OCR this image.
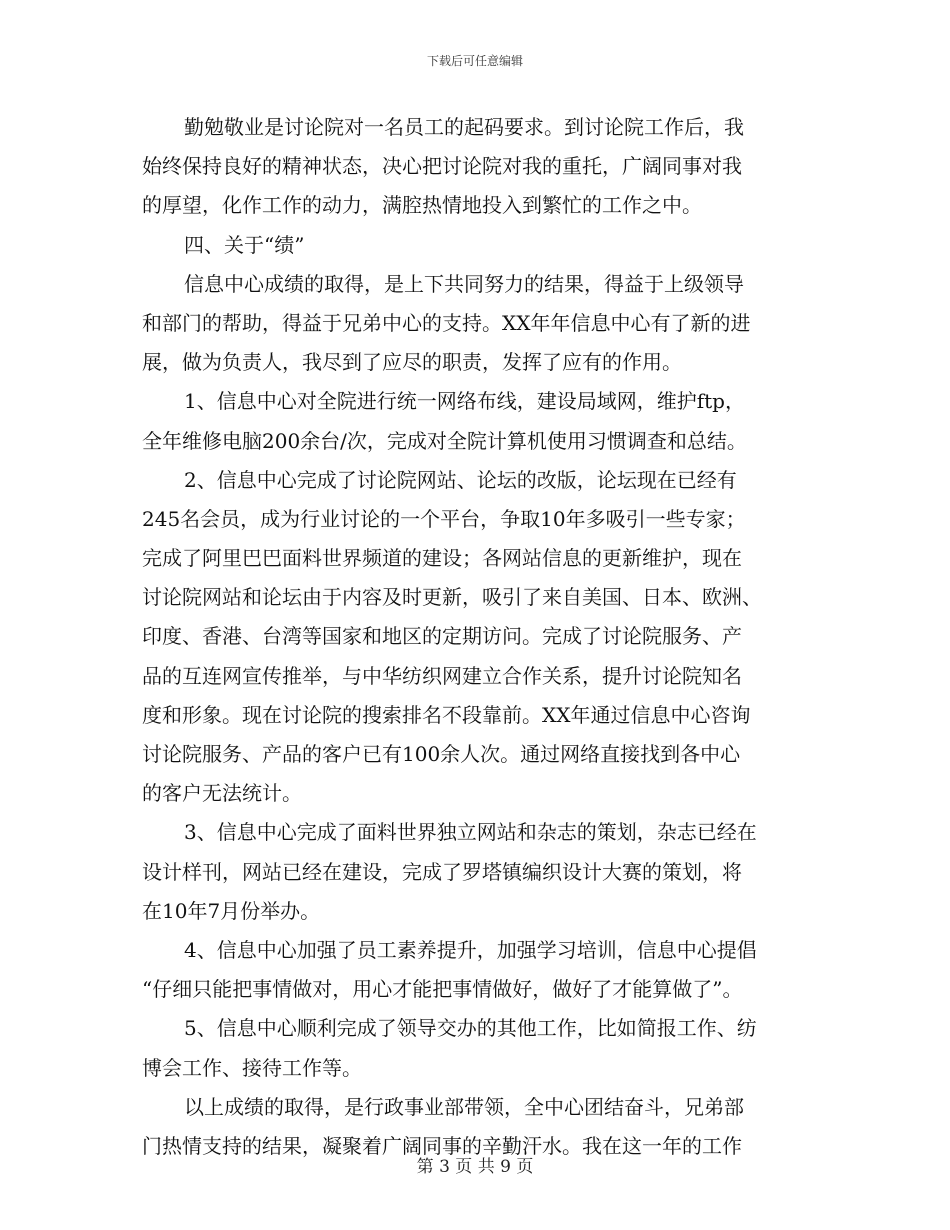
下载后可任意编辑
勤勉敬业是讨论院对一名员工的起码要求。到讨论院工作后，我
始终保持良好的精神状态，决心把讨论院对我的重托，广阔同事对我
的厚望，化作工作的动力，满腔热情地投入到繁忙的工作之中。
四、关于“绩”
信息中心成绩的取得，是上下共同努力的结果，得益于上级领导
和部门的帮助，得益于兄弟中心的支持。XX年年信息中心有了新的进
展，做为负责人，我尽到了应尽的职责，发挥了应有的作用。
1、信息中心对全院进行统一网络布线，建设局域网，维护ftp，
全年维修电脑200余台/次，完成对全院计算机使用习惯调查和总结。
2、信息中心完成了讨论院网站、论坛的改版，论坛现在已经有
245名会员，成为行业讨论的一个平台，争取10年多吸引一些专家；
完成了阿里巴巴面料世界频道的建设；各网站信息的更新维护，现在
讨论院网站和论坛由于内容及时更新，吸引了来自美国、日本、欧洲、
印度、香港、台湾等国家和地区的定期访问。完成了讨论院服务、产
品的互连网宣传推举，与中华纺织网建立合作关系，提升讨论院知名
度和形象。现在讨论院的搜索排名不段靠前。XX年通过信息中心咨询
讨论院服务、产品的客户已有100余人次。通过网络直接找到各中心
的客户无法统计。
3、信息中心完成了面料世界独立网站和杂志的策划，杂志已经在
设计样刊，网站已经在建设，完成了罗塔镇编织设计大赛的策划，将
在10年7月份举办。
4、信息中心加强了员工素养提升，加强学习培训，信息中心提倡
“仔细只能把事情做对，用心才能把事情做好，做好了才能算做了”。
5、信息中心顺利完成了领导交办的其他工作，比如简报工作、纺
博会工作、接待工作等。
以上成绩的取得，是行政事业部带领，全中心团结奋斗，兄弟部
门热情支持的结果，凝聚着广阔同事的辛勤汗水。我在这一年的工作
第 3 页 共 9 页
